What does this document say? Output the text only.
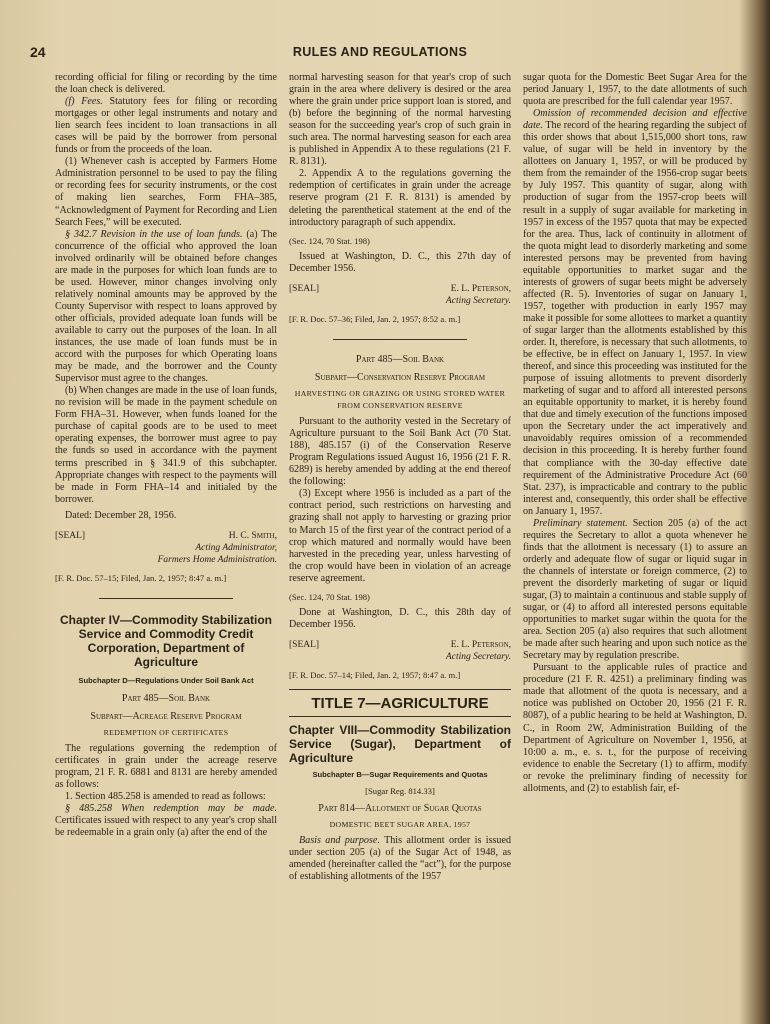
24	RULES AND REGULATIONS

recording official for filing or recording by the time the loan check is delivered.

(f) Fees. Statutory fees for filing or recording mortgages or other legal instruments and notary and lien search fees incident to loan transactions in all cases will be paid by the borrower from personal funds or from the proceeds of the loan.

(1) Whenever cash is accepted by Farmers Home Administration personnel to be used to pay the filing or recording fees for security instruments, or the cost of making lien searches, Form FHA–385, “Acknowledgment of Payment for Recording and Lien Search Fees,” will be executed.

§ 342.7 Revision in the use of loan funds. (a) The concurrence of the official who approved the loan involved ordinarily will be obtained before changes are made in the purposes for which loan funds are to be used. However, minor changes involving only relatively nominal amounts may be approved by the County Supervisor with respect to loans approved by other officials, provided adequate loan funds will be available to carry out the purposes of the loan. In all instances, the use made of loan funds must be in accord with the purposes for which Operating loans may be made, and the borrower and the County Supervisor must agree to the changes.

(b) When changes are made in the use of loan funds, no revision will be made in the payment schedule on Form FHA–31. However, when funds loaned for the purchase of capital goods are to be used to meet operating expenses, the borrower must agree to pay the funds so used in accordance with the payment terms prescribed in § 341.9 of this subchapter. Appropriate changes with respect to the payments will be made in Form FHA–14 and initialed by the borrower.

Dated: December 28, 1956.

[SEAL]	H. C. Smith,
Acting Administrator,
Farmers Home Administration.

[F. R. Doc. 57–15; Filed, Jan. 2, 1957; 8:47 a. m.]

Chapter IV—Commodity Stabilization Service and Commodity Credit Corporation, Department of Agriculture
Subchapter D—Regulations Under Soil Bank Act

Part 485—Soil Bank

Subpart—Acreage Reserve Program

REDEMPTION OF CERTIFICATES

The regulations governing the redemption of certificates in grain under the acreage reserve program, 21 F. R. 6881 and 8131 are hereby amended as follows:

1. Section 485.258 is amended to read as follows:

§ 485.258 When redemption may be made. Certificates issued with respect to any year's crop shall be redeemable in a grain only (a) after the end of the

normal harvesting season for that year's crop of such grain in the area where delivery is desired or the area where the grain under price support loan is stored, and (b) before the beginning of the normal harvesting season for the succeeding year's crop of such grain in such area. The normal harvesting season for each area is published in Appendix A to these regulations (21 F. R. 8131).

2. Appendix A to the regulations governing the redemption of certificates in grain under the acreage reserve program (21 F. R. 8131) is amended by deleting the parenthetical statement at the end of the introductory paragraph of such appendix.

(Sec. 124, 70 Stat. 198)

Issued at Washington, D. C., this 27th day of December 1956.

[SEAL]	E. L. Peterson,
Acting Secretary.

[F. R. Doc. 57–36; Filed, Jan. 2, 1957; 8:52 a. m.]

Part 485—Soil Bank

Subpart—Conservation Reserve Program

HARVESTING OR GRAZING OR USING STORED WATER FROM CONSERVATION RESERVE

Pursuant to the authority vested in the Secretary of Agriculture pursuant to the Soil Bank Act (70 Stat. 188), 485.157 (i) of the Conservation Reserve Program Regulations issued August 16, 1956 (21 F. R. 6289) is hereby amended by adding at the end thereof the following:

(3) Except where 1956 is included as a part of the contract period, such restrictions on harvesting and grazing shall not apply to harvesting or grazing prior to March 15 of the first year of the contract period of a crop which matured and normally would have been harvested in the preceding year, unless harvesting of the crop would have been in violation of an acreage reserve agreement.

(Sec. 124, 70 Stat. 198)

Done at Washington, D. C., this 28th day of December 1956.

[SEAL]	E. L. Peterson,
Acting Secretary.

[F. R. Doc. 57–14; Filed, Jan. 2, 1957; 8:47 a. m.]

TITLE 7—AGRICULTURE
Chapter VIII—Commodity Stabilization Service (Sugar), Department of Agriculture
Subchapter B—Sugar Requirements and Quotas

[Sugar Reg. 814.33]

Part 814—Allotment of Sugar Quotas

DOMESTIC BEET SUGAR AREA, 1957

Basis and purpose. This allotment order is issued under section 205 (a) of the Sugar Act of 1948, as amended (hereinafter called the “act”), for the purpose of establishing allotments of the 1957

sugar quota for the Domestic Beet Sugar Area for the period January 1, 1957, to the date allotments of such quota are prescribed for the full calendar year 1957.

Omission of recommended decision and effective date. The record of the hearing regarding the subject of this order shows that about 1,515,000 short tons, raw value, of sugar will be held in inventory by the allottees on January 1, 1957, or will be produced by them from the remainder of the 1956-crop sugar beets by July 1957. This quantity of sugar, along with production of sugar from the 1957-crop beets will result in a supply of sugar available for marketing in 1957 in excess of the 1957 quota that may be expected for the area. Thus, lack of continuity in allotment of the quota might lead to disorderly marketing and some interested persons may be prevented from having equitable opportunities to market sugar and the interests of growers of sugar beets might be adversely affected (R. 5). Inventories of sugar on January 1, 1957, together with production in early 1957 may make it possible for some allottees to market a quantity of sugar larger than the allotments established by this order. It, therefore, is necessary that such allotments, to be effective, be in effect on January 1, 1957. In view thereof, and since this proceeding was instituted for the purpose of issuing allotments to prevent disorderly marketing of sugar and to afford all interested persons an equitable opportunity to market, it is hereby found that due and timely execution of the functions imposed upon the Secretary under the act imperatively and unavoidably requires omission of a recommended decision in this proceeding. It is hereby further found that compliance with the 30-day effective date requirement of the Administrative Procedure Act (60 Stat. 237), is impracticable and contrary to the public interest and, consequently, this order shall be effective on January 1, 1957.

Preliminary statement. Section 205 (a) of the act requires the Secretary to allot a quota whenever he finds that the allotment is necessary (1) to assure an orderly and adequate flow of sugar or liquid sugar in the channels of interstate or foreign commerce, (2) to prevent the disorderly marketing of sugar or liquid sugar, (3) to maintain a continuous and stable supply of sugar, or (4) to afford all interested persons equitable opportunities to market sugar within the quota for the area. Section 205 (a) also requires that such allotment be made after such hearing and upon such notice as the Secretary may by regulation prescribe.

Pursuant to the applicable rules of practice and procedure (21 F. R. 4251) a preliminary finding was made that allotment of the quota is necessary, and a notice was published on October 20, 1956 (21 F. R. 8087), of a public hearing to be held at Washington, D. C., in Room 2W, Administration Building of the Department of Agriculture on November 1, 1956, at 10:00 a. m., e. s. t., for the purpose of receiving evidence to enable the Secretary (1) to affirm, modify or revoke the preliminary finding of necessity for allotments, and (2) to establish fair, ef-
